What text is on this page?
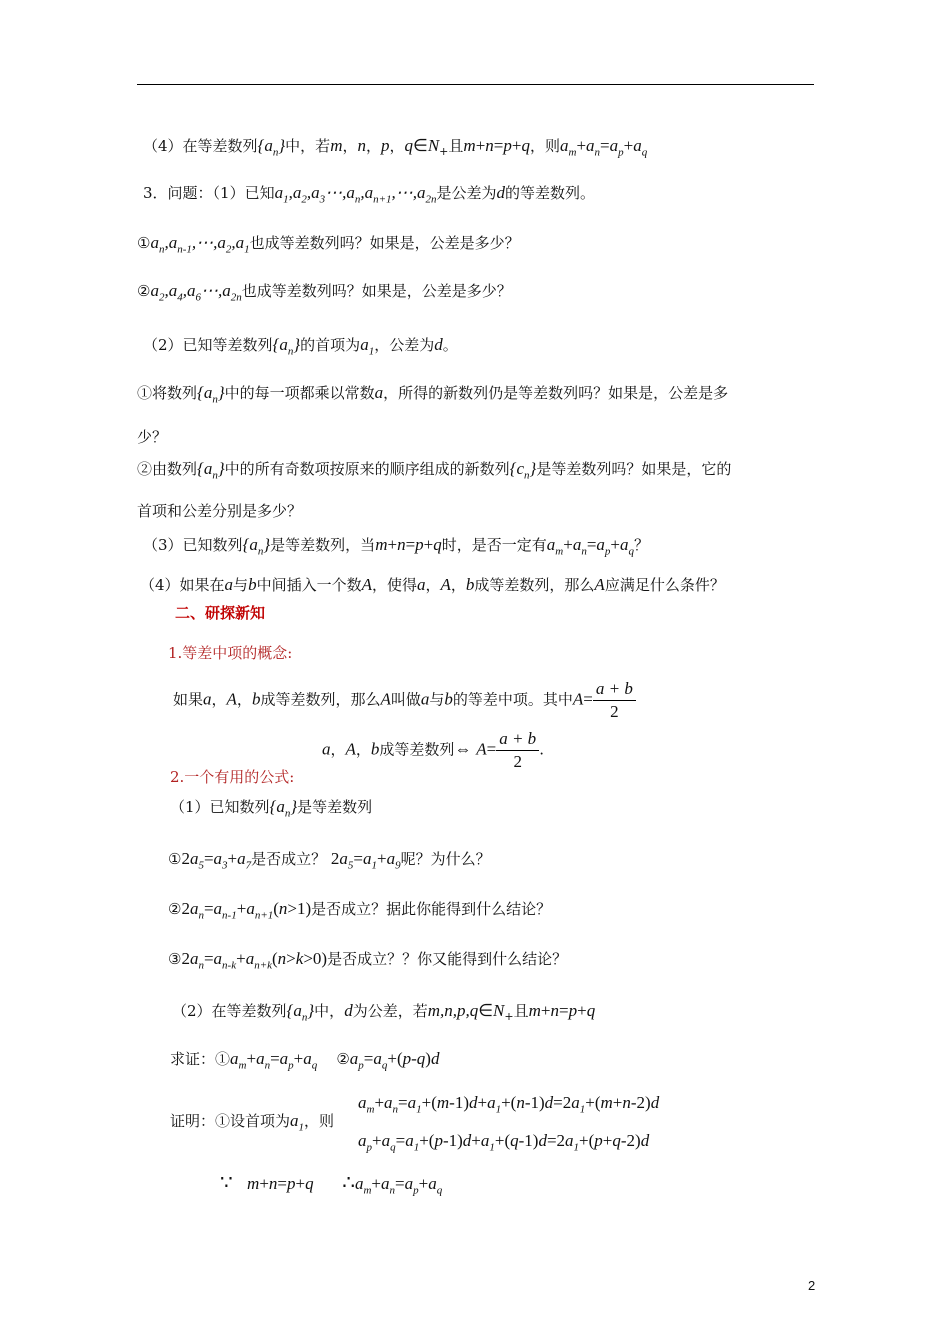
（4）在等差数列$\{a_n\}$中，若m，n，p，$q\in N_+$且m+n=p+q，则$a_m+a_n=a_p+a_q$
3．问题：（1）已知$a_1,a_2,a_3\cdots,a_n,a_{n+1},\cdots,a_{2n}$是公差为d的等差数列。
$①a_n,a_{n-1},\cdots,a_2,a_1$也成等差数列吗？如果是，公差是多少？
$②a_2,a_4,a_6\cdots,a_{2n}$也成等差数列吗？如果是，公差是多少？
（2）已知等差数列$\{a_n\}$的首项为$a_1$，公差为d。
①将数列$\{a_n\}$中的每一项都乘以常数a，所得的新数列仍是等差数列吗？如果是，公差是多
少？
②由数列$\{a_n\}$中的所有奇数项按原来的顺序组成的新数列$\{c_n\}$是等差数列吗？如果是，它的
首项和公差分别是多少？
（3）已知数列$\{a_n\}$是等差数列，当m+n=p+q时，是否一定有$a_m+a_n=a_p+a_q$？
（4）如果在a与b中间插入一个数A，使得a，A，b成等差数列，那么A应满足什么条件？
二、研探新知
1.等差中项的概念:
如果a，A，b成等差数列，那么A叫做a与b的等差中项。其中$A= \frac{a + b}{2}$
a，A，b成等差数列⇔ $A= \frac{a + b}{2}$ .
2.一个有用的公式:
（1）已知数列$\{a_n\}$是等差数列
$①2a_5=a_3+a_7$是否成立？ $2a_5=a_1+a_9$呢？为什么？
$②2a_n=a_{n-1}+a_{n+1}(n>1)$是否成立？据此你能得到什么结论？
$③2a_n=a_{n-k}+a_{n+k}(n>k>0)$是否成立？？你又能得到什么结论？
（2）在等差数列$\{a_n\}$中，d为公差，若$m,n,p,q\in N_+$且m+n=p+q
求证：$①a_m+a_n=a_p+a_q$    $②a_p=a_q+(p-q)d$
证明：①设首项为$a_1$，则
$a_m+a_n=a_1+(m-1)d+a_1+(n-1)d=2a_1+(m+n-2)d$
$a_p+a_q=a_1+(p-1)d+a_1+(q-1)d=2a_1+(p+q-2)d$
∵ m+n=p+q $\therefore a_m+a_n=a_p+a_q$
2
